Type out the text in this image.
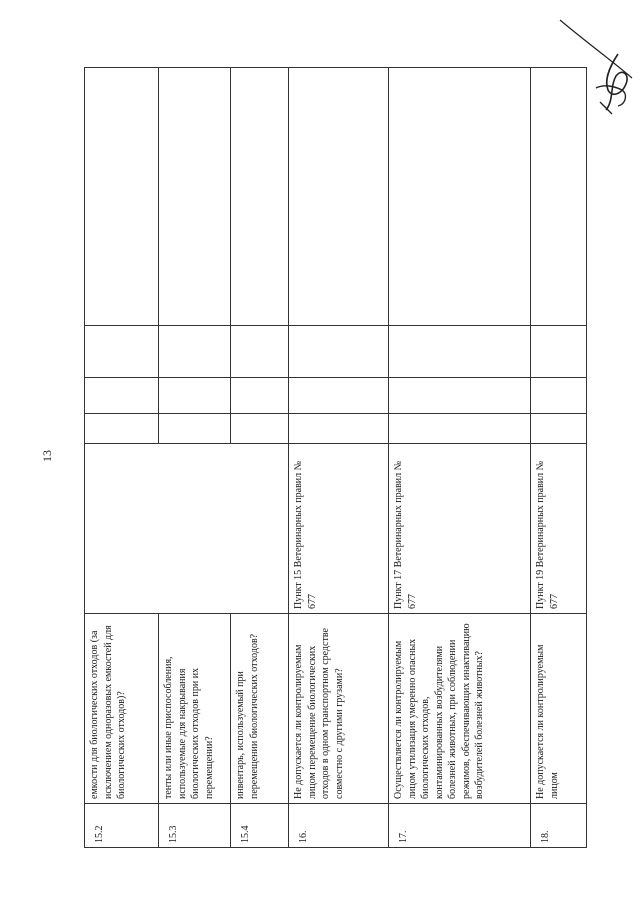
13
15.2	емкости для биологических отходов (за исключением одноразовых емкостей для биологических отходов)?					
15.3	тенты или иные приспособления, используемые для накрывания биологических отходов при их перемещении?					
15.4	инвентарь, используемый при перемещении биологических отходов?					
16.	Не допускается ли контролируемым лицом перемещение биологических отходов в одном транспортном средстве совместно с другими грузами?	Пункт 15 Ветеринарных правил № 677				
17.	Осуществляется ли контролируемым лицом утилизация умеренно опасных биологических отходов, контаминированных возбудителями болезней животных, при соблюдении режимов, обеспечивающих инактивацию возбудителей болезней животных?	Пункт 17 Ветеринарных правил № 677				
18.	Не допускается ли контролируемым лицом	Пункт 19 Ветеринарных правил № 677				
